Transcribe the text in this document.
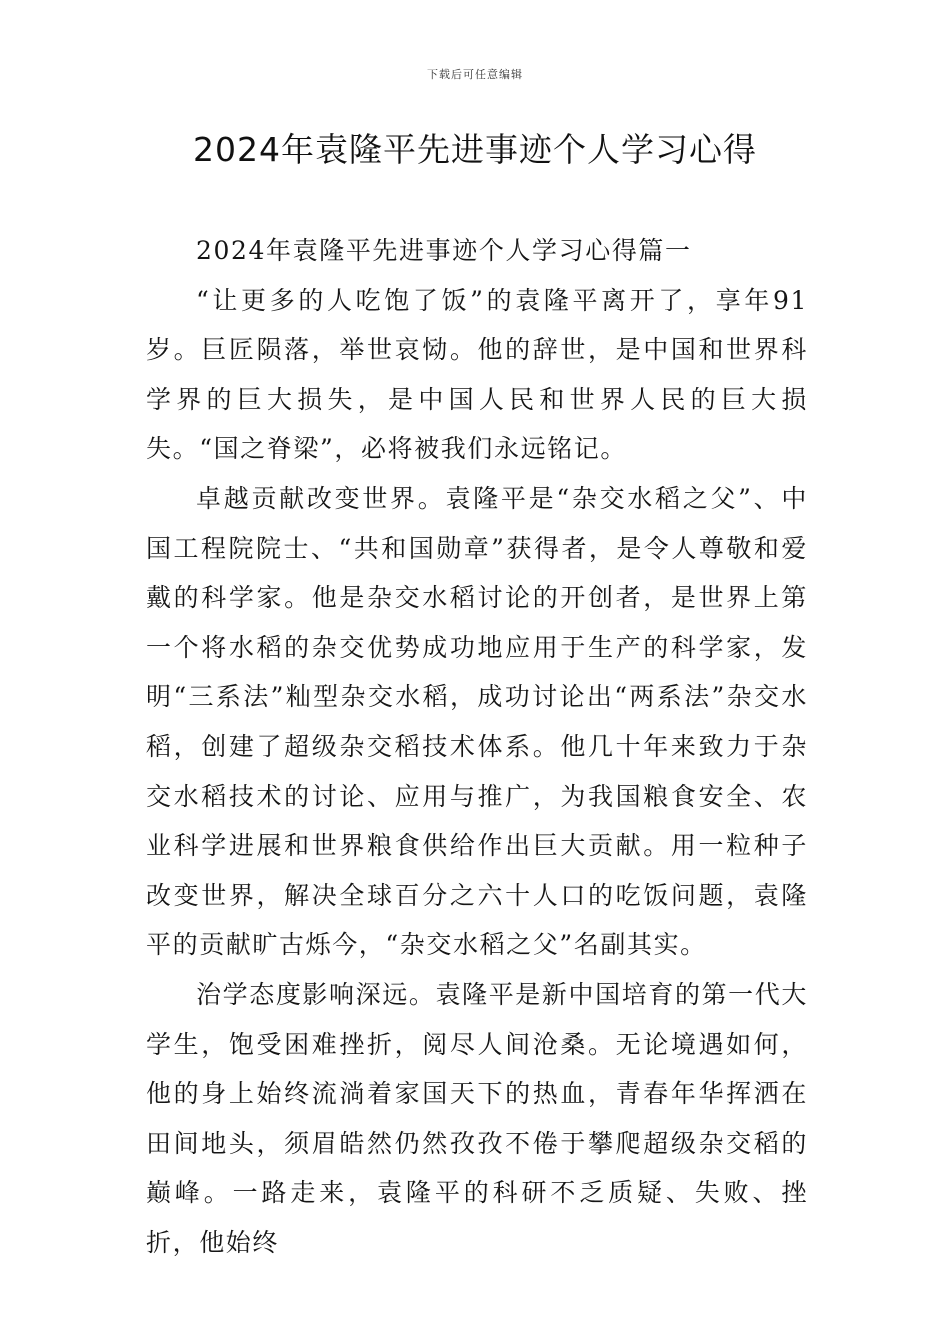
下载后可任意编辑
2024年袁隆平先进事迹个人学习心得

2024年袁隆平先进事迹个人学习心得篇一

“让更多的人吃饱了饭”的袁隆平离开了，享年91岁。巨匠陨落，举世哀恸。他的辞世，是中国和世界科学界的巨大损失，是中国人民和世界人民的巨大损失。“国之脊梁”，必将被我们永远铭记。

卓越贡献改变世界。袁隆平是“杂交水稻之父”、中国工程院院士、“共和国勋章”获得者，是令人尊敬和爱戴的科学家。他是杂交水稻讨论的开创者，是世界上第一个将水稻的杂交优势成功地应用于生产的科学家，发明“三系法”籼型杂交水稻，成功讨论出“两系法”杂交水稻，创建了超级杂交稻技术体系。他几十年来致力于杂交水稻技术的讨论、应用与推广，为我国粮食安全、农业科学进展和世界粮食供给作出巨大贡献。用一粒种子改变世界，解决全球百分之六十人口的吃饭问题，袁隆平的贡献旷古烁今，“杂交水稻之父”名副其实。

治学态度影响深远。袁隆平是新中国培育的第一代大学生，饱受困难挫折，阅尽人间沧桑。无论境遇如何，他的身上始终流淌着家国天下的热血，青春年华挥洒在田间地头，须眉皓然仍然孜孜不倦于攀爬超级杂交稻的巅峰。一路走来，袁隆平的科研不乏质疑、失败、挫折，他始终
